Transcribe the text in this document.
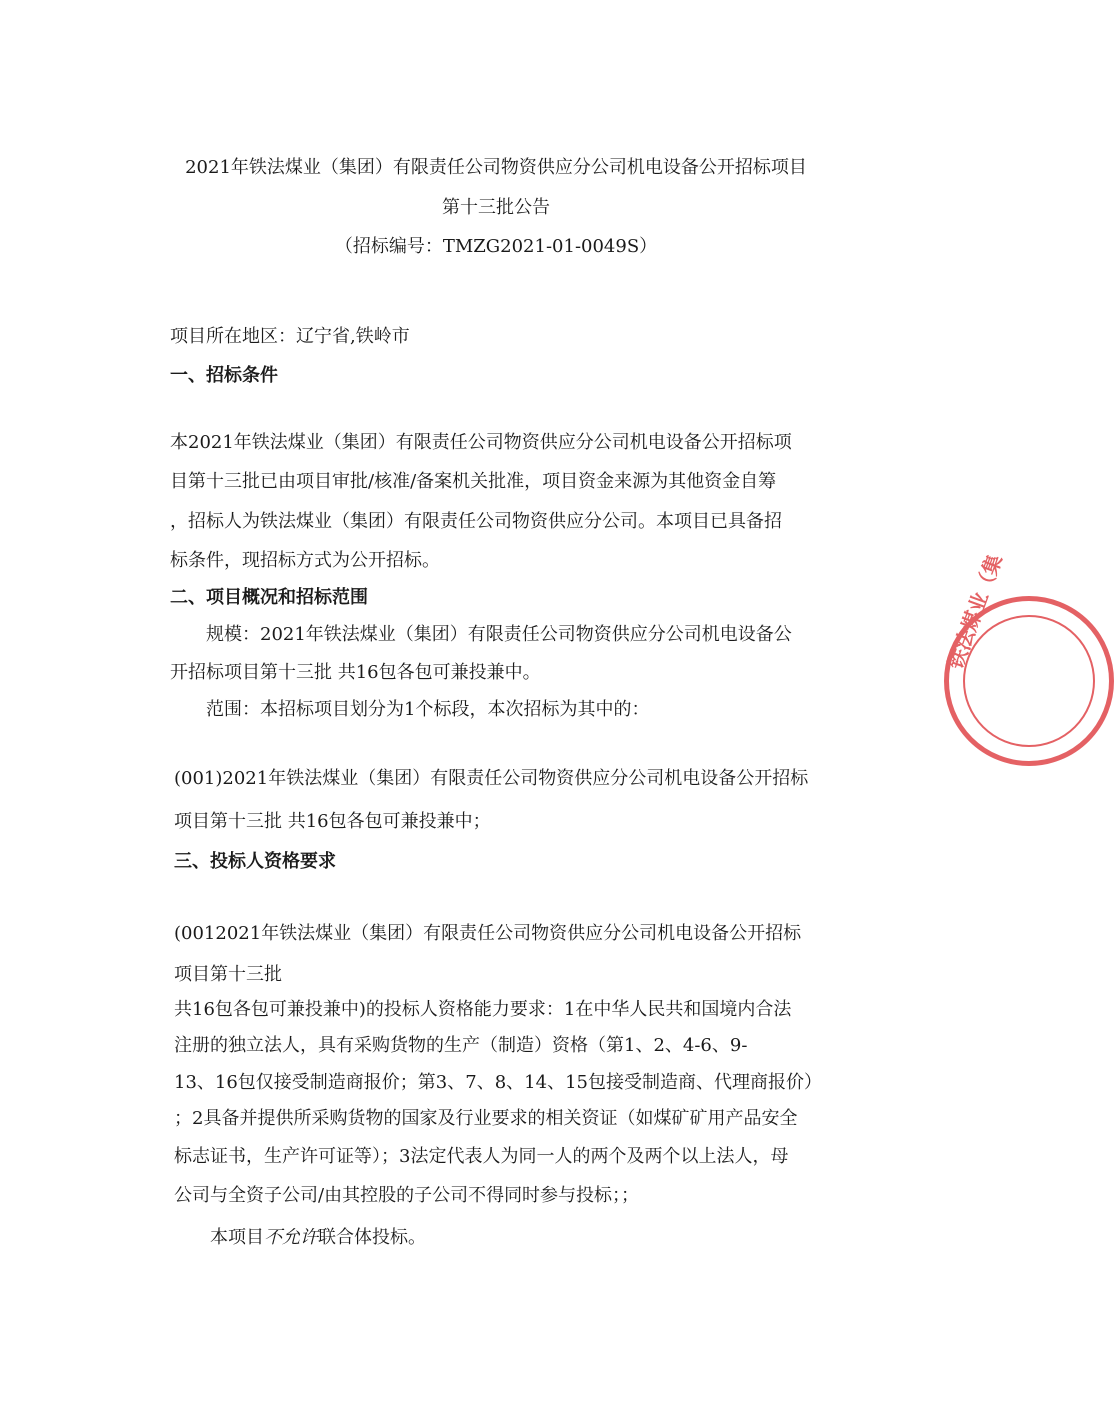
2021年铁法煤业（集团）有限责任公司物资供应分公司机电设备公开招标项目
第十三批公告
（招标编号：TMZG2021-01-0049S）
项目所在地区：辽宁省,铁岭市
一、招标条件
本2021年铁法煤业（集团）有限责任公司物资供应分公司机电设备公开招标项
目第十三批已由项目审批/核准/备案机关批准，项目资金来源为其他资金自筹
，招标人为铁法煤业（集团）有限责任公司物资供应分公司。本项目已具备招
标条件，现招标方式为公开招标。
二、项目概况和招标范围
规模：2021年铁法煤业（集团）有限责任公司物资供应分公司机电设备公
开招标项目第十三批 共16包各包可兼投兼中。
范围：本招标项目划分为1个标段，本次招标为其中的：
(001)2021年铁法煤业（集团）有限责任公司物资供应分公司机电设备公开招标
项目第十三批 共16包各包可兼投兼中；
三、投标人资格要求
(0012021年铁法煤业（集团）有限责任公司物资供应分公司机电设备公开招标
项目第十三批
共16包各包可兼投兼中)的投标人资格能力要求：1在中华人民共和国境内合法
注册的独立法人，具有采购货物的生产（制造）资格（第1、2、4-6、9-
13、16包仅接受制造商报价；第3、7、8、14、15包接受制造商、代理商报价）
；2具备并提供所采购货物的国家及行业要求的相关资证（如煤矿矿用产品安全
标志证书，生产许可证等）；3法定代表人为同一人的两个及两个以上法人，母
公司与全资子公司/由其控股的子公司不得同时参与投标；；
本项目不允许联合体投标。
铁法煤业（集
